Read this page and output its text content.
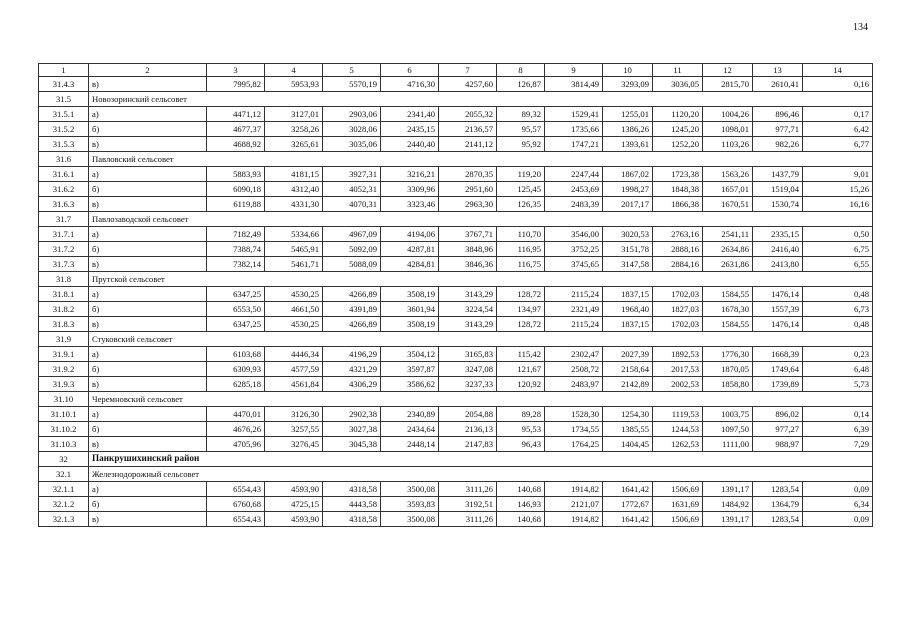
134
1	2	3	4	5	6	7	8	9	10	11	12	13	14
31.4.3	в)	7995,82	5953,93	5570,19	4716,30	4257,60	126,87	3814,49	3293,09	3036,05	2815,70	2610,41	0,16
31.5	Новозоринский сельсовет												
31.5.1	а)	4471,12	3127,01	2903,06	2341,40	2055,32	89,32	1529,41	1255,01	1120,20	1004,26	896,46	0,17
31.5.2	б)	4677,37	3258,26	3028,06	2435,15	2136,57	95,57	1735,66	1386,26	1245,20	1098,01	977,71	6,42
31.5.3	в)	4688,92	3265,61	3035,06	2440,40	2141,12	95,92	1747,21	1393,61	1252,20	1103,26	982,26	6,77
31.6	Павловский сельсовет												
31.6.1	а)	5883,93	4181,15	3927,31	3216,21	2870,35	119,20	2247,44	1867,02	1723,38	1563,26	1437,79	9,01
31.6.2	б)	6090,18	4312,40	4052,31	3309,96	2951,60	125,45	2453,69	1998,27	1848,38	1657,01	1519,04	15,26
31.6.3	в)	6119,88	4331,30	4070,31	3323,46	2963,30	126,35	2483,39	2017,17	1866,38	1670,51	1530,74	16,16
31.7	Павлозаводской сельсовет												
31.7.1	а)	7182,49	5334,66	4967,09	4194,06	3767,71	110,70	3546,00	3020,53	2763,16	2541,11	2335,15	0,50
31.7.2	б)	7388,74	5465,91	5092,09	4287,81	3848,96	116,95	3752,25	3151,78	2888,16	2634,86	2416,40	6,75
31.7.3	в)	7382,14	5461,71	5088,09	4284,81	3846,36	116,75	3745,65	3147,58	2884,16	2631,86	2413,80	6,55
31.8	Прутской сельсовет												
31.8.1	а)	6347,25	4530,25	4266,89	3508,19	3143,29	128,72	2115,24	1837,15	1702,03	1584,55	1476,14	0,48
31.8.2	б)	6553,50	4661,50	4391,89	3601,94	3224,54	134,97	2321,49	1968,40	1827,03	1678,30	1557,39	6,73
31.8.3	в)	6347,25	4530,25	4266,89	3508,19	3143,29	128,72	2115,24	1837,15	1702,03	1584,55	1476,14	0,48
31.9	Стуковский сельсовет												
31.9.1	а)	6103,68	4446,34	4196,29	3504,12	3165,83	115,42	2302,47	2027,39	1892,53	1776,30	1668,39	0,23
31.9.2	б)	6309,93	4577,59	4321,29	3597,87	3247,08	121,67	2508,72	2158,64	2017,53	1870,05	1749,64	6,48
31.9.3	в)	6285,18	4561,84	4306,29	3586,62	3237,33	120,92	2483,97	2142,89	2002,53	1858,80	1739,89	5,73
31.10	Черемновский сельсовет												
31.10.1	а)	4470,01	3126,30	2902,38	2340,89	2054,88	89,28	1528,30	1254,30	1119,53	1003,75	896,02	0,14
31.10.2	б)	4676,26	3257,55	3027,38	2434,64	2136,13	95,53	1734,55	1385,55	1244,53	1097,50	977,27	6,39
31.10.3	в)	4705,96	3276,45	3045,38	2448,14	2147,83	96,43	1764,25	1404,45	1262,53	1111,00	988,97	7,29
32	Панкрушихинский район												
32.1	Железнодорожный сельсовет												
32.1.1	а)	6554,43	4593,90	4318,58	3500,08	3111,26	140,68	1914,82	1641,42	1506,69	1391,17	1283,54	0,09
32.1.2	б)	6760,68	4725,15	4443,58	3593,83	3192,51	146,93	2121,07	1772,67	1631,69	1484,92	1364,79	6,34
32.1.3	в)	6554,43	4593,90	4318,58	3500,08	3111,26	140,68	1914,82	1641,42	1506,69	1391,17	1283,54	0,09
